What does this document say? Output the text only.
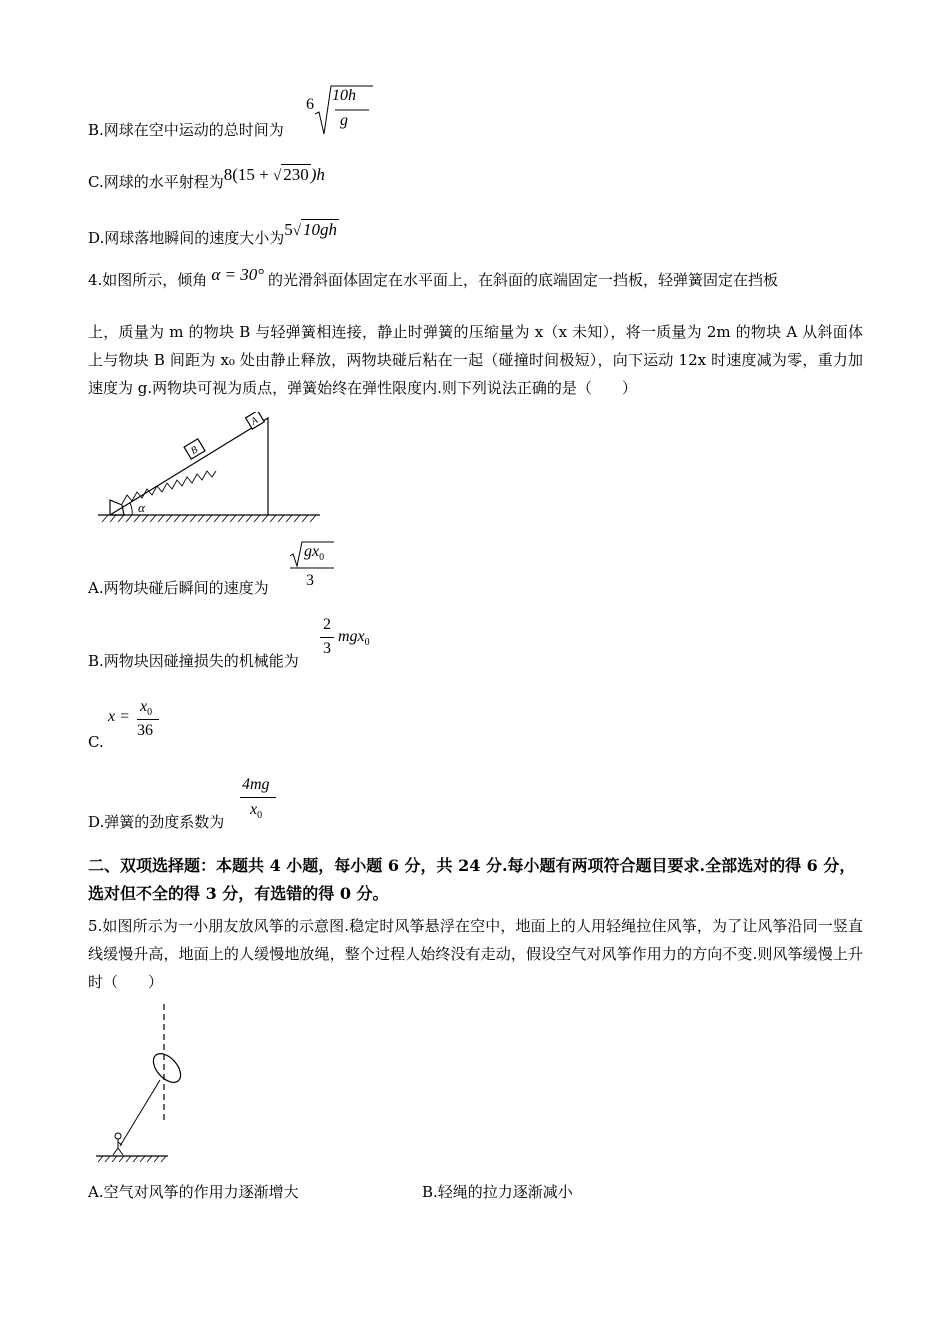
B.网球在空中运动的总时间为
6
10h
g
C.网球的水平射程为8(15 + √ 230 )h
D.网球落地瞬间的速度大小为5√ 10gh
4.如图所示，倾角 α = 30° 的光滑斜面体固定在水平面上，在斜面的底端固定一挡板，轻弹簧固定在挡板
上，质量为 m 的物块 B 与轻弹簧相连接，静止时弹簧的压缩量为 x（x 未知），将一质量为 2m 的物块 A 从斜面体上与物块 B 间距为 x₀ 处由静止释放，两物块碰后粘在一起（碰撞时间极短），向下运动 12x 时速度减为零，重力加速度为 g.两物块可视为质点，弹簧始终在弹性限度内.则下列说法正确的是（　　）
B
A
α
A.两物块碰后瞬间的速度为
$gx_0$
3
B.两物块因碰撞损失的机械能为
2
3
mgx$_0$
C.
x =
$x_0$
36
D.弹簧的劲度系数为
4mg
$x_0$
二、双项选择题：本题共 4 小题，每小题 6 分，共 24 分.每小题有两项符合题目要求.全部选对的得 6 分，选对但不全的得 3 分，有选错的得 0 分。
5.如图所示为一小朋友放风筝的示意图.稳定时风筝悬浮在空中，地面上的人用轻绳拉住风筝，为了让风筝沿同一竖直线缓慢升高，地面上的人缓慢地放绳，整个过程人始终没有走动，假设空气对风筝作用力的方向不变.则风筝缓慢上升时（　　）
A.空气对风筝的作用力逐渐增大	B.轻绳的拉力逐渐减小
